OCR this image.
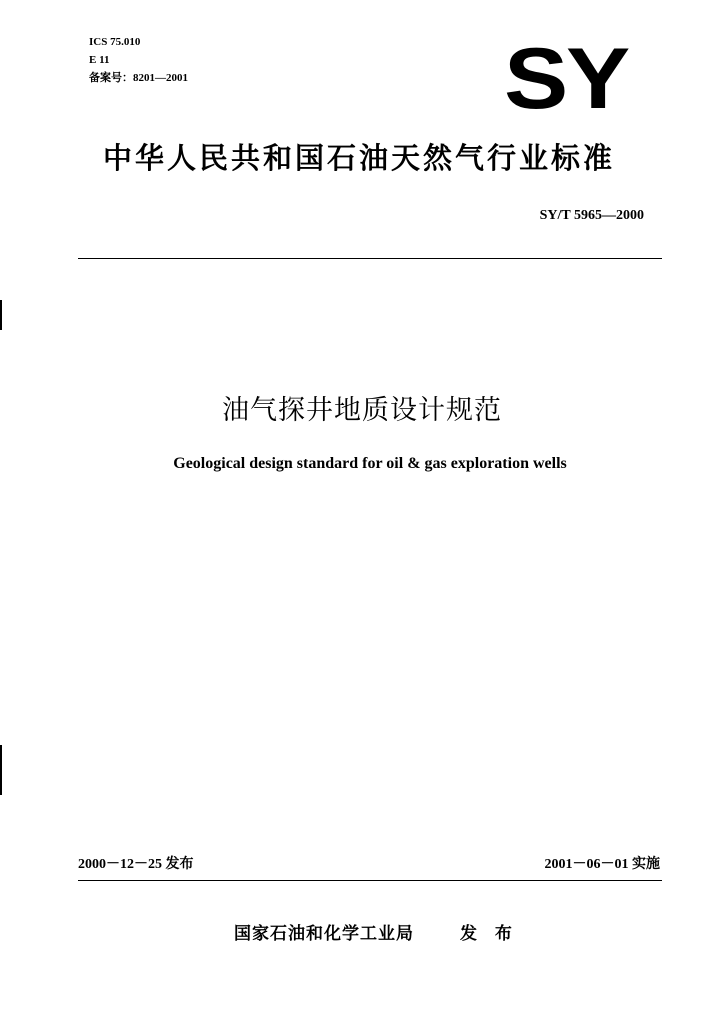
ICS 75.010
E 11
备案号：8201—2001	SY
中华人民共和国石油天然气行业标准
SY/T 5965—2000
油气探井地质设计规范
Geological design standard for oil & gas exploration wells
2000－12－25 发布	2001－06－01 实施
国家石油和化学工业局	发 布
